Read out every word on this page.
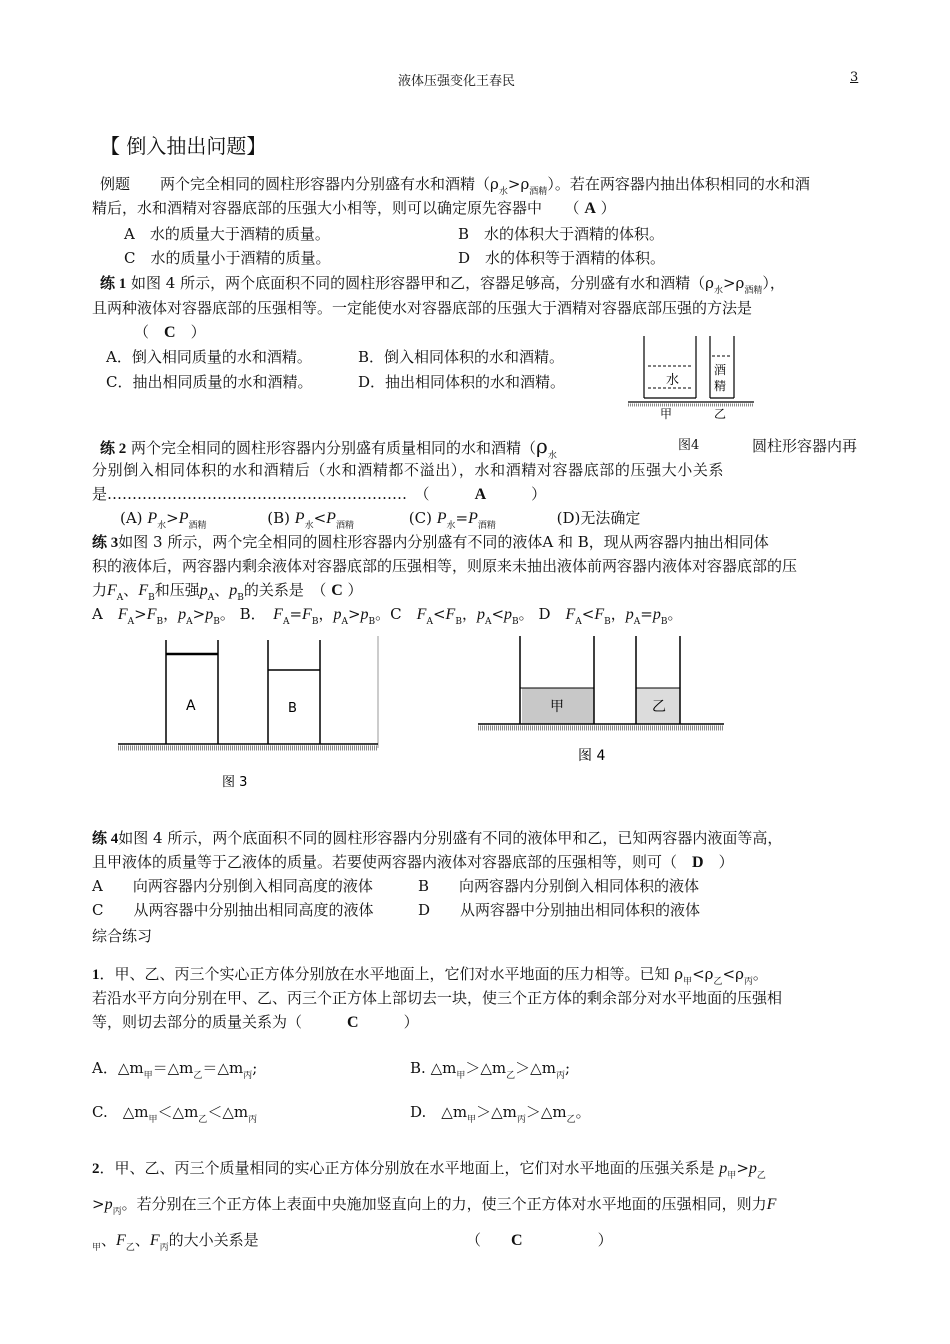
液体压强变化王春民	3
【 倒入抽出问题】
例题　　 两个完全相同的圆柱形容器内分别盛有水和酒精$(\rho_水>\rho_{酒精})$。若在两容器内抽出体积相同的水和酒
精后，水和酒精对容器底部的压强大小相等，则可以确定原先容器中　　 （ A ）
A　水的质量大于酒精的质量。	B　水的体积大于酒精的体积。
C　水的质量小于酒精的质量。	D　水的体积等于酒精的体积。
练 1 如图 4 所示，两个底面积不同的圆柱形容器甲和乙，容器足够高，分别盛有水和酒精$(\rho_水>\rho_{酒精})$，
且两种液体对容器底部的压强相等。一定能使水对容器底部的压强大于酒精对容器底部压强的方法是
（　 C　 ）
A．倒入相同质量的水和酒精。	B．倒入相同体积的水和酒精。
C．抽出相同质量的水和酒精。	D．抽出相同体积的水和酒精。	水
酒
精
甲	乙
练 2 两个完全相同的圆柱形容器内分别盛有质量相同的水和酒精（$\rho_水$
图4	圆柱形容器内再
分别倒入相同体积的水和酒精后（水和酒精都不溢出），水和酒精对容器底部的压强大小关系
是……………………………………………………　 （　　　	A　　　	）
(A) $P_水>P_{酒精}$	(B) $P_水<P_{酒精}$	(C) $P_水=P_{酒精}$	(D)无法确定
练 3如图 3 所示，两个完全相同的圆柱形容器内分别盛有不同的液体A 和 B，现从两容器内抽出相同体
积的液体后，两容器内剩余液体对容器底部的压强相等，则原来未抽出液体前两容器内液体对容器底部的压
力$F_A$、$F_B$和压强$p_A$、$p_B$的关系是　 （ C ）
A　 $F_A>F_B$，$p_A>p_B$。 B．　 $F_A=F_B$，$p_A>p_B$。C　 $F_A<F_B$，$p_A<p_B$。 D　 $F_A<F_B$，$p_A=p_B$。
A	B
图 3
甲	乙
图 4
练 4如图 4 所示，两个底面积不同的圆柱形容器内分别盛有不同的液体甲和乙，已知两容器内液面等高，
且甲液体的质量等于乙液体的质量。若要使两容器内液体对容器底部的压强相等，则可（　 D　 ）
A　　向两容器内分别倒入相同高度的液体	B　　向两容器内分别倒入相同体积的液体
C　　从两容器中分别抽出相同高度的液体	D　　从两容器中分别抽出相同体积的液体
综合练习
1．甲、乙、丙三个实心正方体分别放在水平地面上，它们对水平地面的压力相等。已知 $\rho_甲<\rho_乙<\rho_丙$。
若沿水平方向分别在甲、乙、丙三个正方体上部切去一块，使三个正方体的剩余部分对水平地面的压强相
等，则切去部分的质量关系为（　　　	C　　　	）
A．$\triangle m_甲=\triangle m_乙=\triangle m_丙$;	B. $\triangle m_甲>\triangle m_乙>\triangle m_丙$;
C.　 $\triangle m_甲<\triangle m_乙<\triangle m_丙$	D.　 $\triangle m_甲>\triangle m_丙>\triangle m_乙$。
2．甲、乙、丙三个质量相同的实心正方体分别放在水平地面上，它们对水平地面的压强关系是 $p_甲>p_乙$
$>p_丙$。若分别在三个正方体上表面中央施加竖直向上的力，使三个正方体对水平地面的压强相同，则力F
$_甲$、$F_乙$、$F_丙$的大小关系是	（　　 C　　　　　	）
